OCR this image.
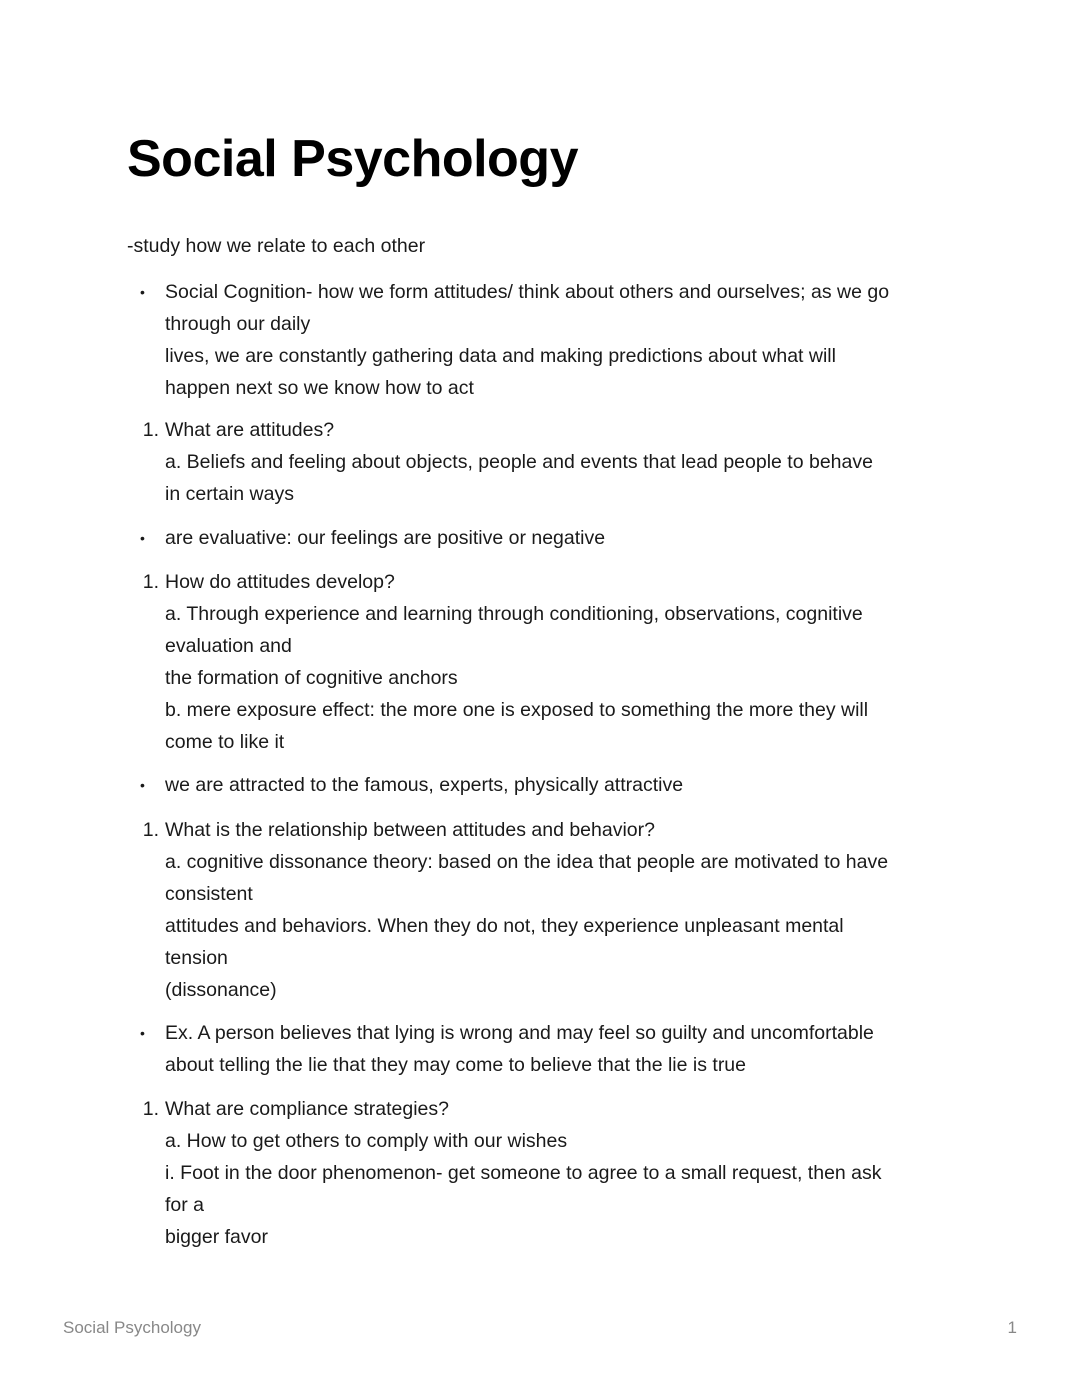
Social Psychology

-study how we relate to each other

•	Social Cognition- how we form attitudes/ think about others and ourselves; as we go
through our daily
lives, we are constantly gathering data and making predictions about what will
happen next so we know how to act
1. What are attitudes?
a. Beliefs and feeling about objects, people and events that lead people to behave
in certain ways
•	are evaluative: our feelings are positive or negative
1. How do attitudes develop?
a. Through experience and learning through conditioning, observations, cognitive
evaluation and
the formation of cognitive anchors
b. mere exposure effect: the more one is exposed to something the more they will
come to like it
•	we are attracted to the famous, experts, physically attractive
1. What is the relationship between attitudes and behavior?
a. cognitive dissonance theory: based on the idea that people are motivated to have
consistent
attitudes and behaviors. When they do not, they experience unpleasant mental
tension
(dissonance)
•	Ex. A person believes that lying is wrong and may feel so guilty and uncomfortable
about telling the lie that they may come to believe that the lie is true
1. What are compliance strategies?
a. How to get others to comply with our wishes
i. Foot in the door phenomenon- get someone to agree to a small request, then ask
for a
bigger favor
Social Psychology	1
